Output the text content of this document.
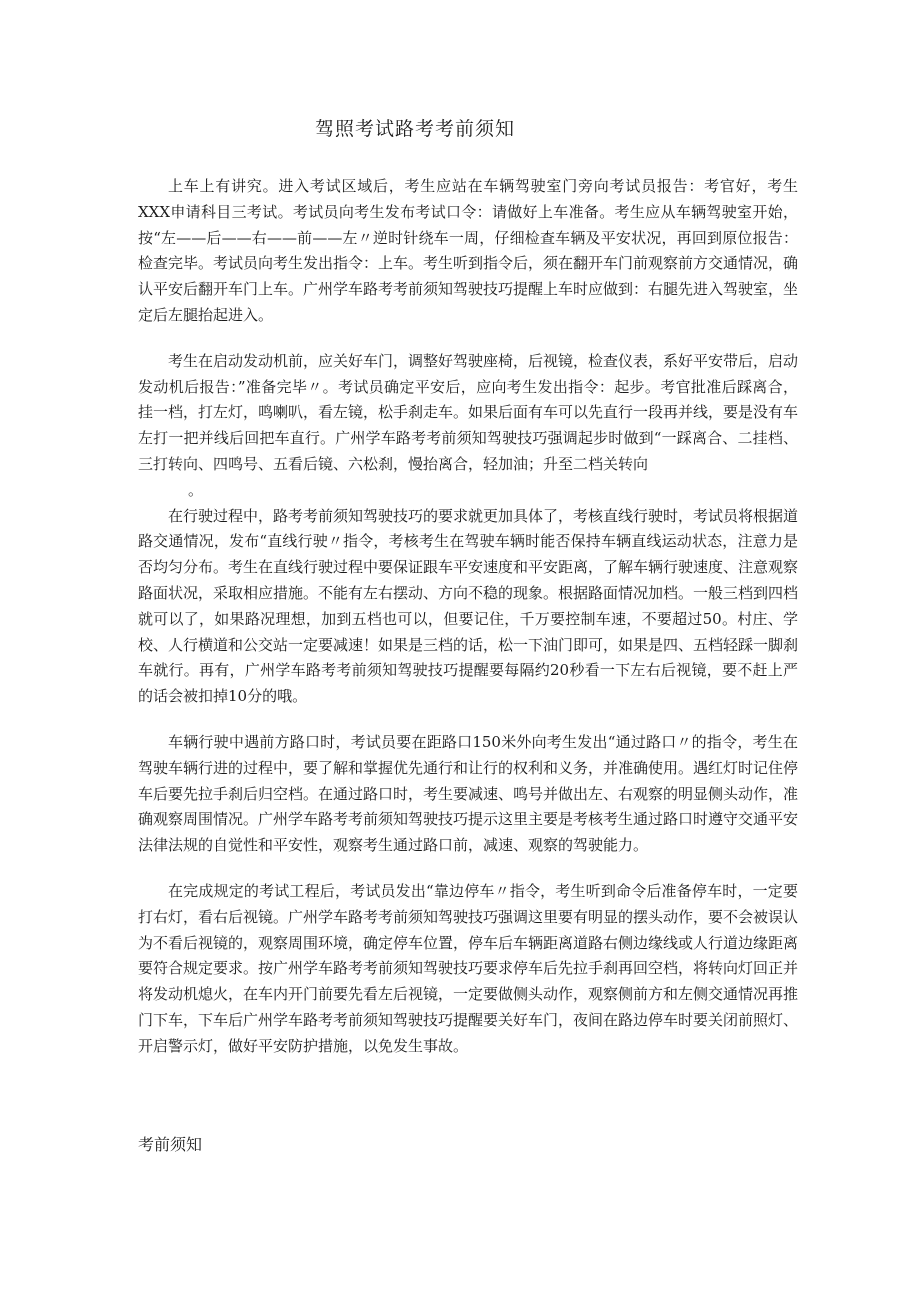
驾照考试路考考前须知

上车上有讲究。进入考试区域后，考生应站在车辆驾驶室门旁向考试员报告：考官好，考生XXX申请科目三考试。考试员向考生发布考试口令：请做好上车准备。考生应从车辆驾驶室开始，按“左——后——右——前——左〃逆时针绕车一周，仔细检查车辆及平安状况，再回到原位报告：检查完毕。考试员向考生发出指令：上车。考生听到指令后，须在翻开车门前观察前方交通情况，确认平安后翻开车门上车。广州学车路考考前须知驾驶技巧提醒上车时应做到：右腿先进入驾驶室，坐定后左腿抬起进入。

考生在启动发动机前，应关好车门，调整好驾驶座椅，后视镜，检查仪表，系好平安带后，启动发动机后报告：”准备完毕〃。考试员确定平安后，应向考生发出指令：起步。考官批准后踩离合，挂一档，打左灯，鸣喇叭，看左镜，松手刹走车。如果后面有车可以先直行一段再并线，要是没有车左打一把并线后回把车直行。广州学车路考考前须知驾驶技巧强调起步时做到“一踩离合、二挂档、三打转向、四鸣号、五看后镜、六松刹，慢抬离合，轻加油；升至二档关转向

。

在行驶过程中，路考考前须知驾驶技巧的要求就更加具体了，考核直线行驶时，考试员将根据道路交通情况，发布“直线行驶〃指令，考核考生在驾驶车辆时能否保持车辆直线运动状态，注意力是否均匀分布。考生在直线行驶过程中要保证跟车平安速度和平安距离，了解车辆行驶速度、注意观察路面状况，采取相应措施。不能有左右摆动、方向不稳的现象。根据路面情况加档。一般三档到四档就可以了，如果路况理想，加到五档也可以，但要记住，千万要控制车速，不要超过50。村庄、学校、人行横道和公交站一定要减速！如果是三档的话，松一下油门即可，如果是四、五档轻踩一脚刹车就行。再有，广州学车路考考前须知驾驶技巧提醒要每隔约20秒看一下左右后视镜，要不赶上严的话会被扣掉10分的哦。

车辆行驶中遇前方路口时，考试员要在距路口150米外向考生发出“通过路口〃的指令，考生在驾驶车辆行进的过程中，要了解和掌握优先通行和让行的权利和义务，并准确使用。遇红灯时记住停车后要先拉手刹后归空档。在通过路口时，考生要减速、鸣号并做出左、右观察的明显侧头动作，准确观察周围情况。广州学车路考考前须知驾驶技巧提示这里主要是考核考生通过路口时遵守交通平安法律法规的自觉性和平安性，观察考生通过路口前，减速、观察的驾驶能力。

在完成规定的考试工程后，考试员发出“靠边停车〃指令，考生听到命令后准备停车时，一定要打右灯，看右后视镜。广州学车路考考前须知驾驶技巧强调这里要有明显的摆头动作，要不会被误认为不看后视镜的，观察周围环境，确定停车位置，停车后车辆距离道路右侧边缘线或人行道边缘距离要符合规定要求。按广州学车路考考前须知驾驶技巧要求停车后先拉手刹再回空档，将转向灯回正并将发动机熄火，在车内开门前要先看左后视镜，一定要做侧头动作，观察侧前方和左侧交通情况再推门下车，下车后广州学车路考考前须知驾驶技巧提醒要关好车门，夜间在路边停车时要关闭前照灯、开启警示灯，做好平安防护措施，以免发生事故。

考前须知
